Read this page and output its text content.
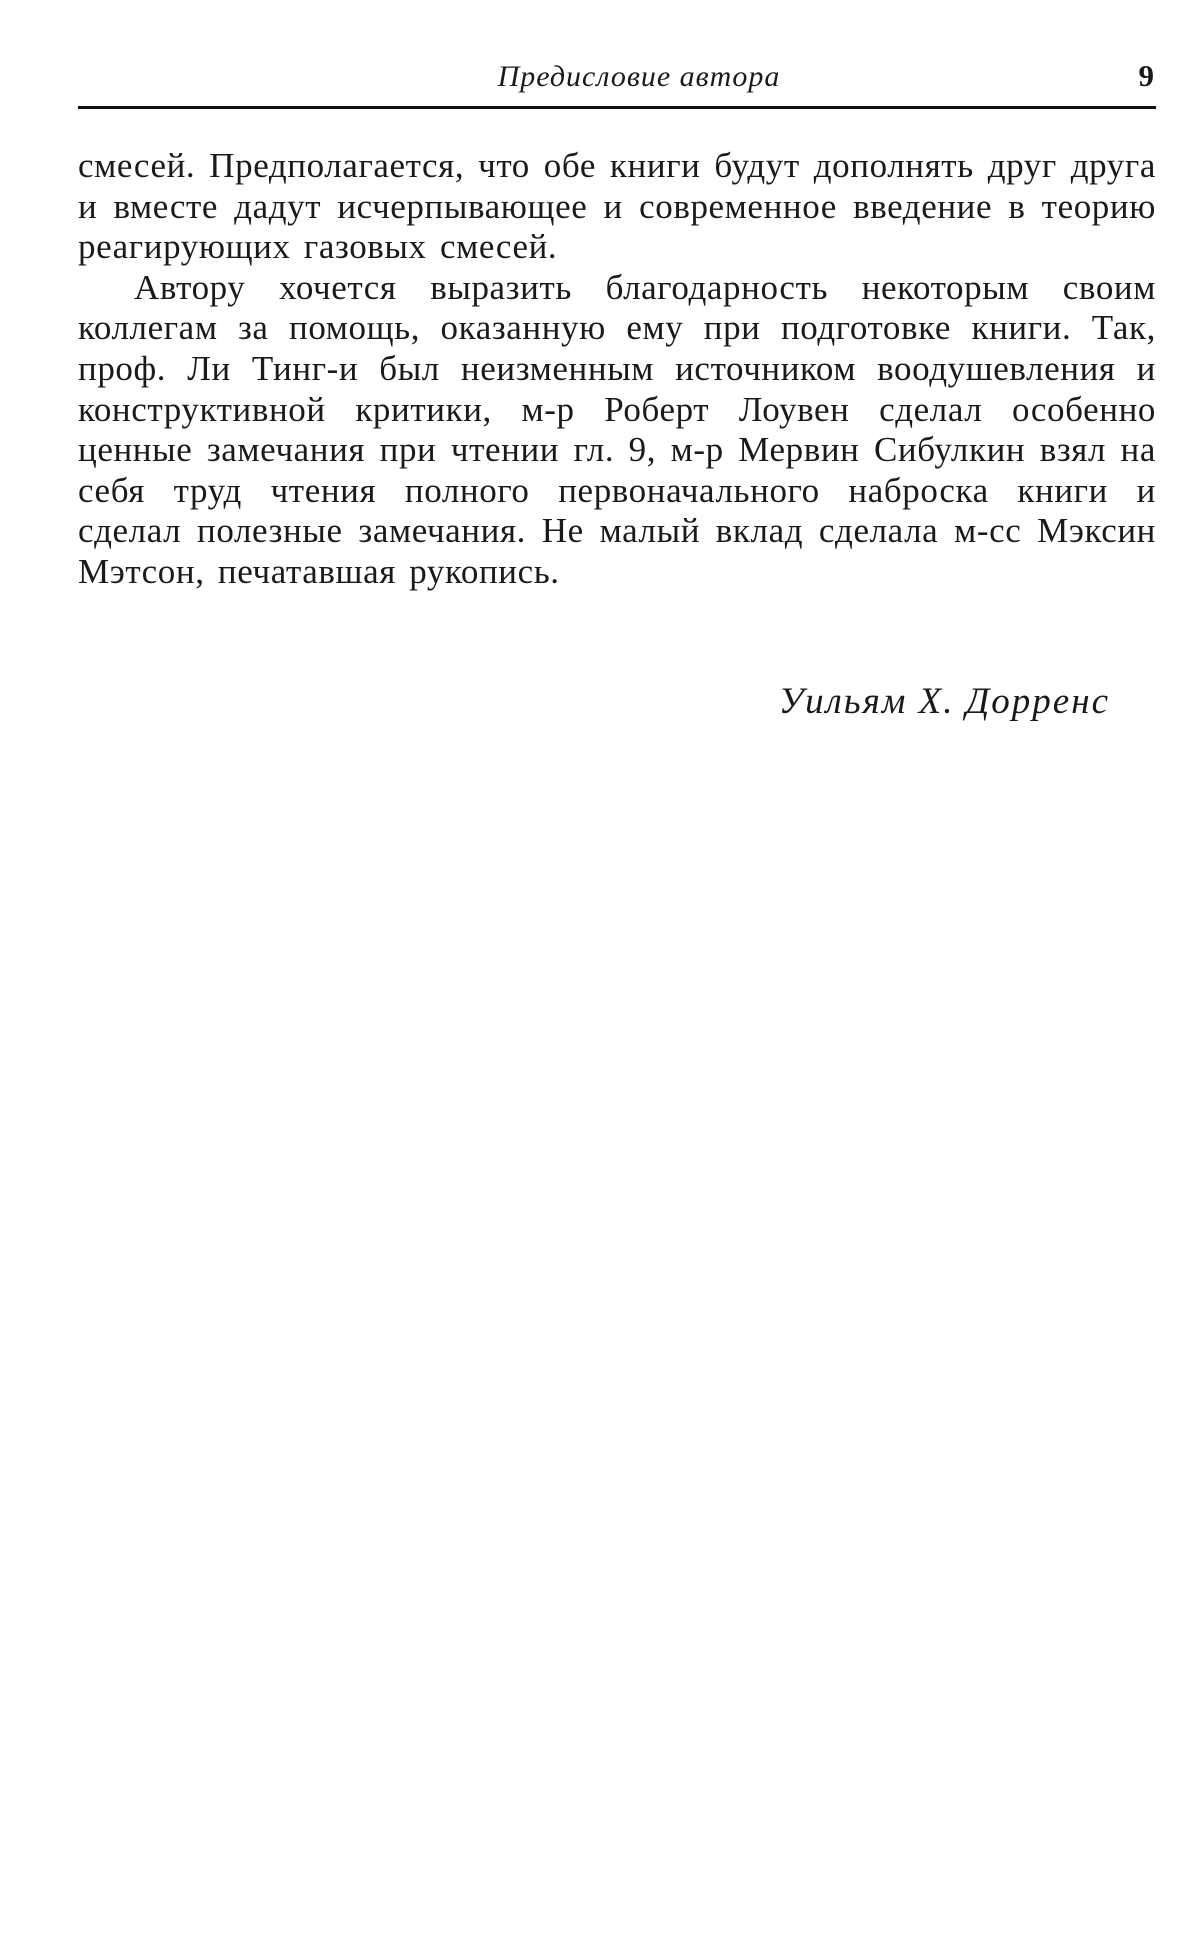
Предисловие автора	9

смесей. Предполагается, что обе книги будут дополнять друг друга и вместе дадут исчерпывающее и современное введение в теорию реагирующих газовых смесей.

Автору хочется выразить благодарность некоторым своим коллегам за помощь, оказанную ему при подготовке книги. Так, проф. Ли Тинг-и был неизменным источником воодушевления и конструктивной критики, м-р Роберт Лоувен сделал особенно ценные замечания при чтении гл. 9, м-р Мервин Сибулкин взял на себя труд чтения полного первоначального наброска книги и сделал полезные замечания. Не малый вклад сделала м-сс Мэксин Мэтсон, печатавшая рукопись.

Уильям X. Дорренс
